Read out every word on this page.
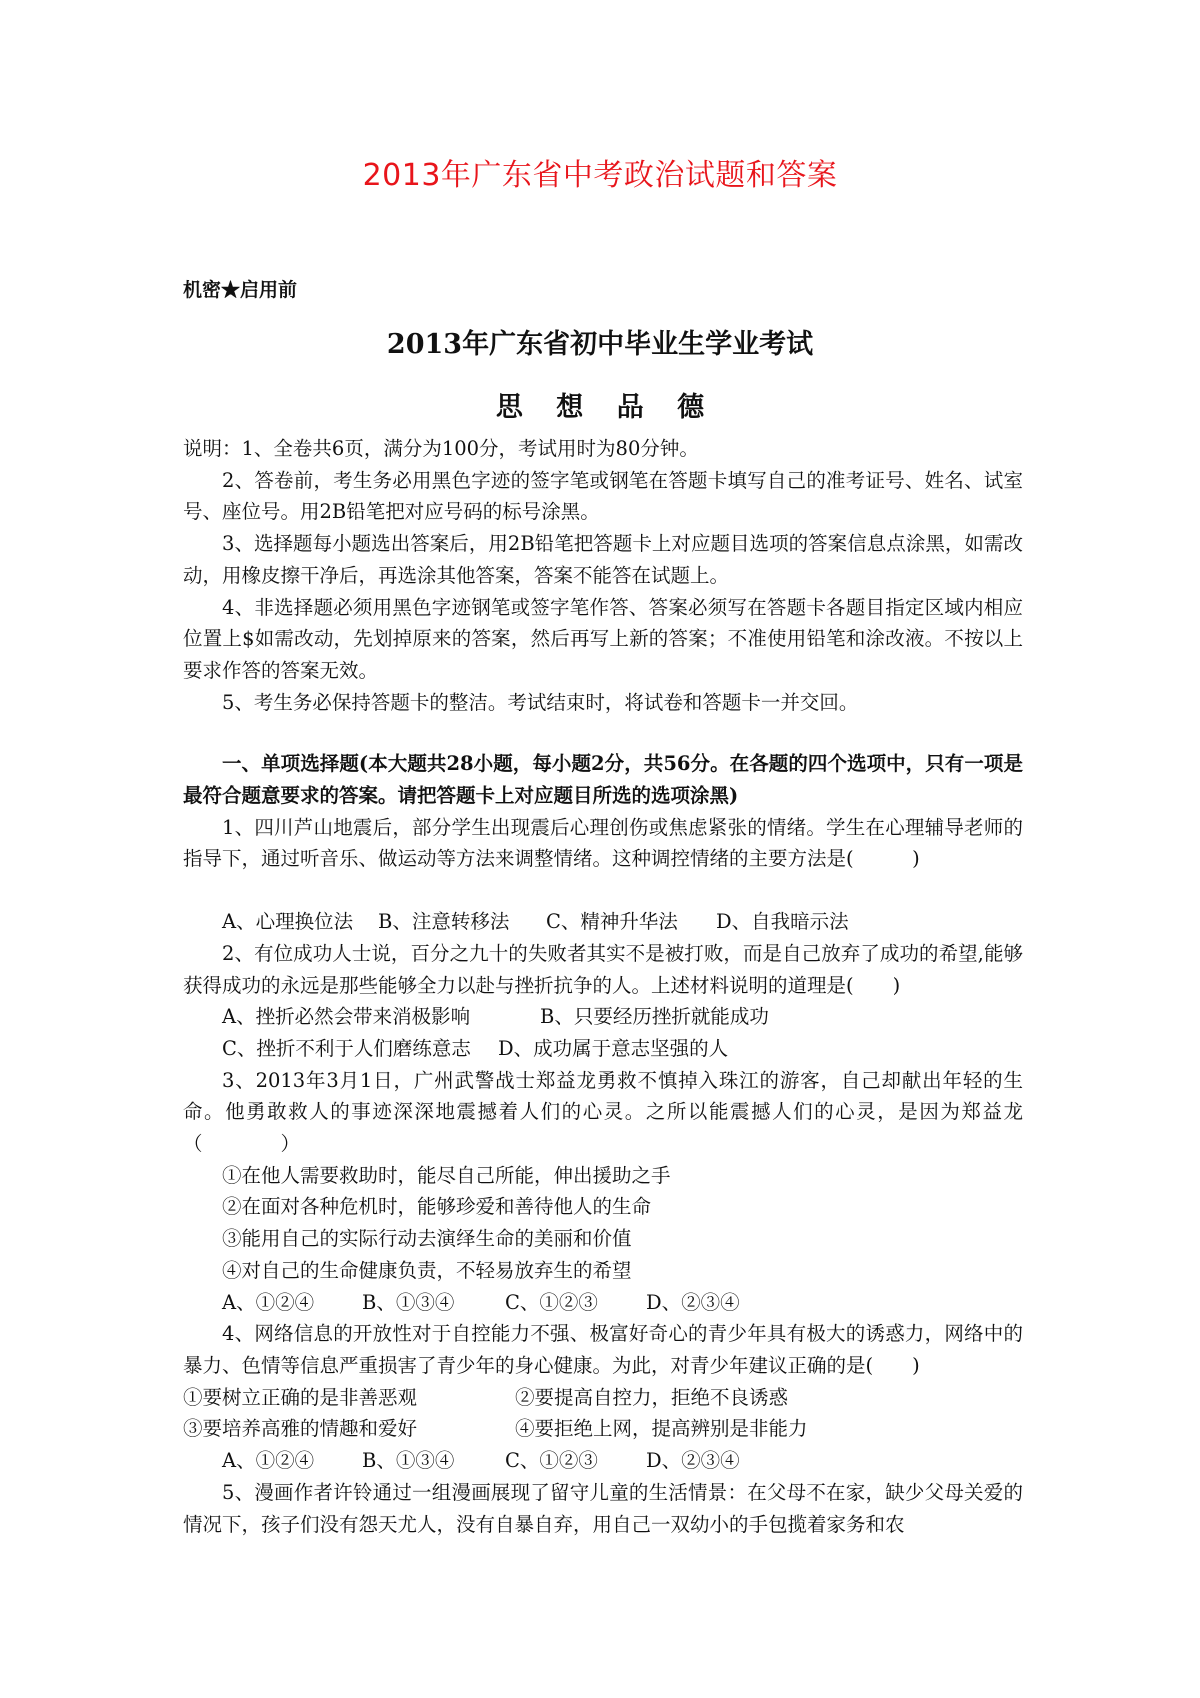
2013年广东省中考政治试题和答案
机密★启用前
2013年广东省初中毕业生学业考试
思 想 品 德

说明：1、全卷共6页，满分为100分，考试用时为80分钟。

2、答卷前，考生务必用黑色字迹的签字笔或钢笔在答题卡填写自己的准考证号、姓名、试室号、座位号。用2B铅笔把对应号码的标号涂黑。

3、选择题每小题选出答案后，用2B铅笔把答题卡上对应题目选项的答案信息点涂黑，如需改动，用橡皮擦干净后，再选涂其他答案，答案不能答在试题上。

4、非选择题必须用黑色字迹钢笔或签字笔作答、答案必须写在答题卡各题目指定区域内相应位置上$如需改动，先划掉原来的答案，然后再写上新的答案；不准使用铅笔和涂改液。不按以上要求作答的答案无效。

5、考生务必保持答题卡的整洁。考试结束时，将试卷和答题卡一并交回。

一、单项选择题(本大题共28小题，每小题2分，共56分。在各题的四个选项中，只有一项是最符合题意要求的答案。请把答题卡上对应题目所选的选项涂黑)

1、四川芦山地震后，部分学生出现震后心理创伤或焦虑紧张的情绪。学生在心理辅导老师的指导下，通过听音乐、做运动等方法来调整情绪。这种调控情绪的主要方法是(　　　)

A、心理换位法	B、注意转移法	C、精神升华法	D、自我暗示法

2、有位成功人士说，百分之九十的失败者其实不是被打败，而是自己放弃了成功的希望,能够获得成功的永远是那些能够全力以赴与挫折抗争的人。上述材料说明的道理是(　　)

A、挫折必然会带来消极影响	B、只要经历挫折就能成功
C、挫折不利于人们磨练意志	D、成功属于意志坚强的人

3、2013年3月1日，广州武警战士郑益龙勇救不慎掉入珠江的游客，自己却献出年轻的生命。他勇敢救人的事迹深深地震撼着人们的心灵。之所以能震撼人们的心灵，是因为郑益龙（　　　　）

①在他人需要救助时，能尽自己所能，伸出援助之手

②在面对各种危机时，能够珍爱和善待他人的生命

③能用自己的实际行动去演绎生命的美丽和价值

④对自己的生命健康负责，不轻易放弃生的希望

A、①②④	B、①③④	C、①②③	D、②③④

4、网络信息的开放性对于自控能力不强、极富好奇心的青少年具有极大的诱惑力，网络中的暴力、色情等信息严重损害了青少年的身心健康。为此，对青少年建议正确的是(　　)

①要树立正确的是非善恶观	②要提高自控力，拒绝不良诱惑
③要培养高雅的情趣和爱好	④要拒绝上网，提高辨别是非能力
A、①②④	B、①③④	C、①②③	D、②③④

5、漫画作者许铃通过一组漫画展现了留守儿童的生活情景：在父母不在家，缺少父母关爱的情况下，孩子们没有怨天尤人，没有自暴自弃，用自己一双幼小的手包揽着家务和农
